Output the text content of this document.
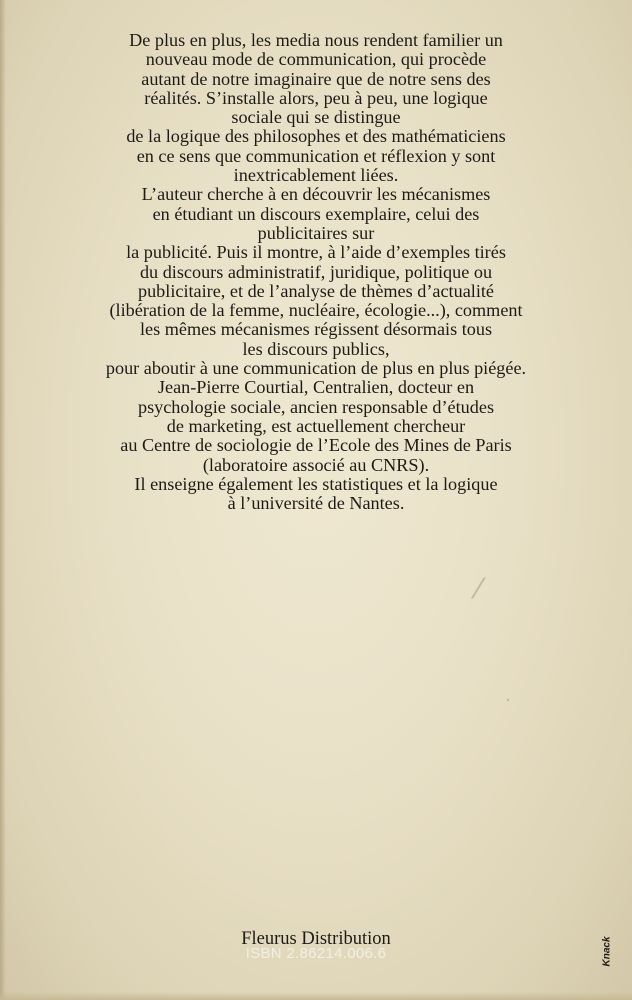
De plus en plus, les media nous rendent familier un
nouveau mode de communication, qui procède
autant de notre imaginaire que de notre sens des
réalités. S’installe alors, peu à peu, une logique
sociale qui se distingue
de la logique des philosophes et des mathématiciens
en ce sens que communication et réflexion y sont
inextricablement liées.
L’auteur cherche à en découvrir les mécanismes
en étudiant un discours exemplaire, celui des
publicitaires sur
la publicité. Puis il montre, à l’aide d’exemples tirés
du discours administratif, juridique, politique ou
publicitaire, et de l’analyse de thèmes d’actualité
(libération de la femme, nucléaire, écologie...), comment
les mêmes mécanismes régissent désormais tous
les discours publics,
pour aboutir à une communication de plus en plus piégée.
Jean-Pierre Courtial, Centralien, docteur en
psychologie sociale, ancien responsable d’études
de marketing, est actuellement chercheur
au Centre de sociologie de l’Ecole des Mines de Paris
(laboratoire associé au CNRS).
Il enseigne également les statistiques et la logique
à l’université de Nantes.
⁄
·
Fleurus Distribution
ISBN 2.86214.006.6	Knack
